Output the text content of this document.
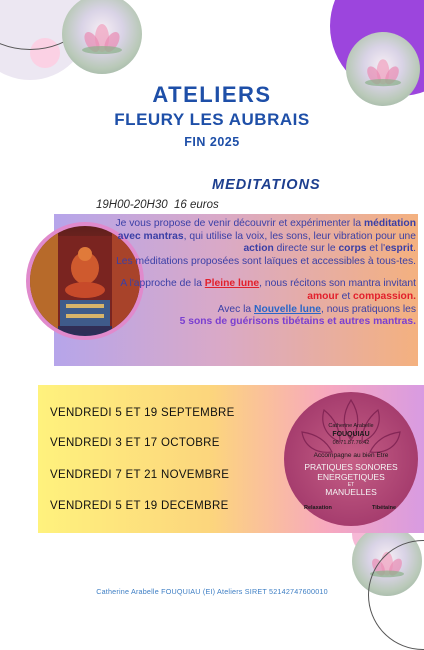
ATELIERS
FLEURY LES AUBRAIS
FIN 2025
MEDITATIONS
19H00-20H30 16 euros

Je vous propose de venir découvrir et expérimenter la méditation avec mantras, qui utilise la voix, les sons, leur vibration pour une action directe sur le corps et l'esprit.

Les méditations proposées sont laïques et accessibles à tous-tes.

A l'approche de la Pleine lune, nous récitons son mantra invitant amour et compassion.

Avec la Nouvelle lune, nous pratiquons les

5 sons de guérisons tibétains et autres mantras.

VENDREDI 5 ET 19 SEPTEMBRE
VENDREDI 3 ET 17 OCTOBRE
VENDREDI 7 ET 21 NOVEMBRE
VENDREDI 5 ET 19 DECEMBRE
Catherine Arabelle
FOUQUIAU
06.71.87.76.42
Accompagne au bien Etre
PRATIQUES SONORES
ENERGETIQUES
ET
MANUELLES
Relaxation	Tibétaine
Catherine Arabelle FOUQUIAU (EI) Ateliers SIRET 52142747600010
